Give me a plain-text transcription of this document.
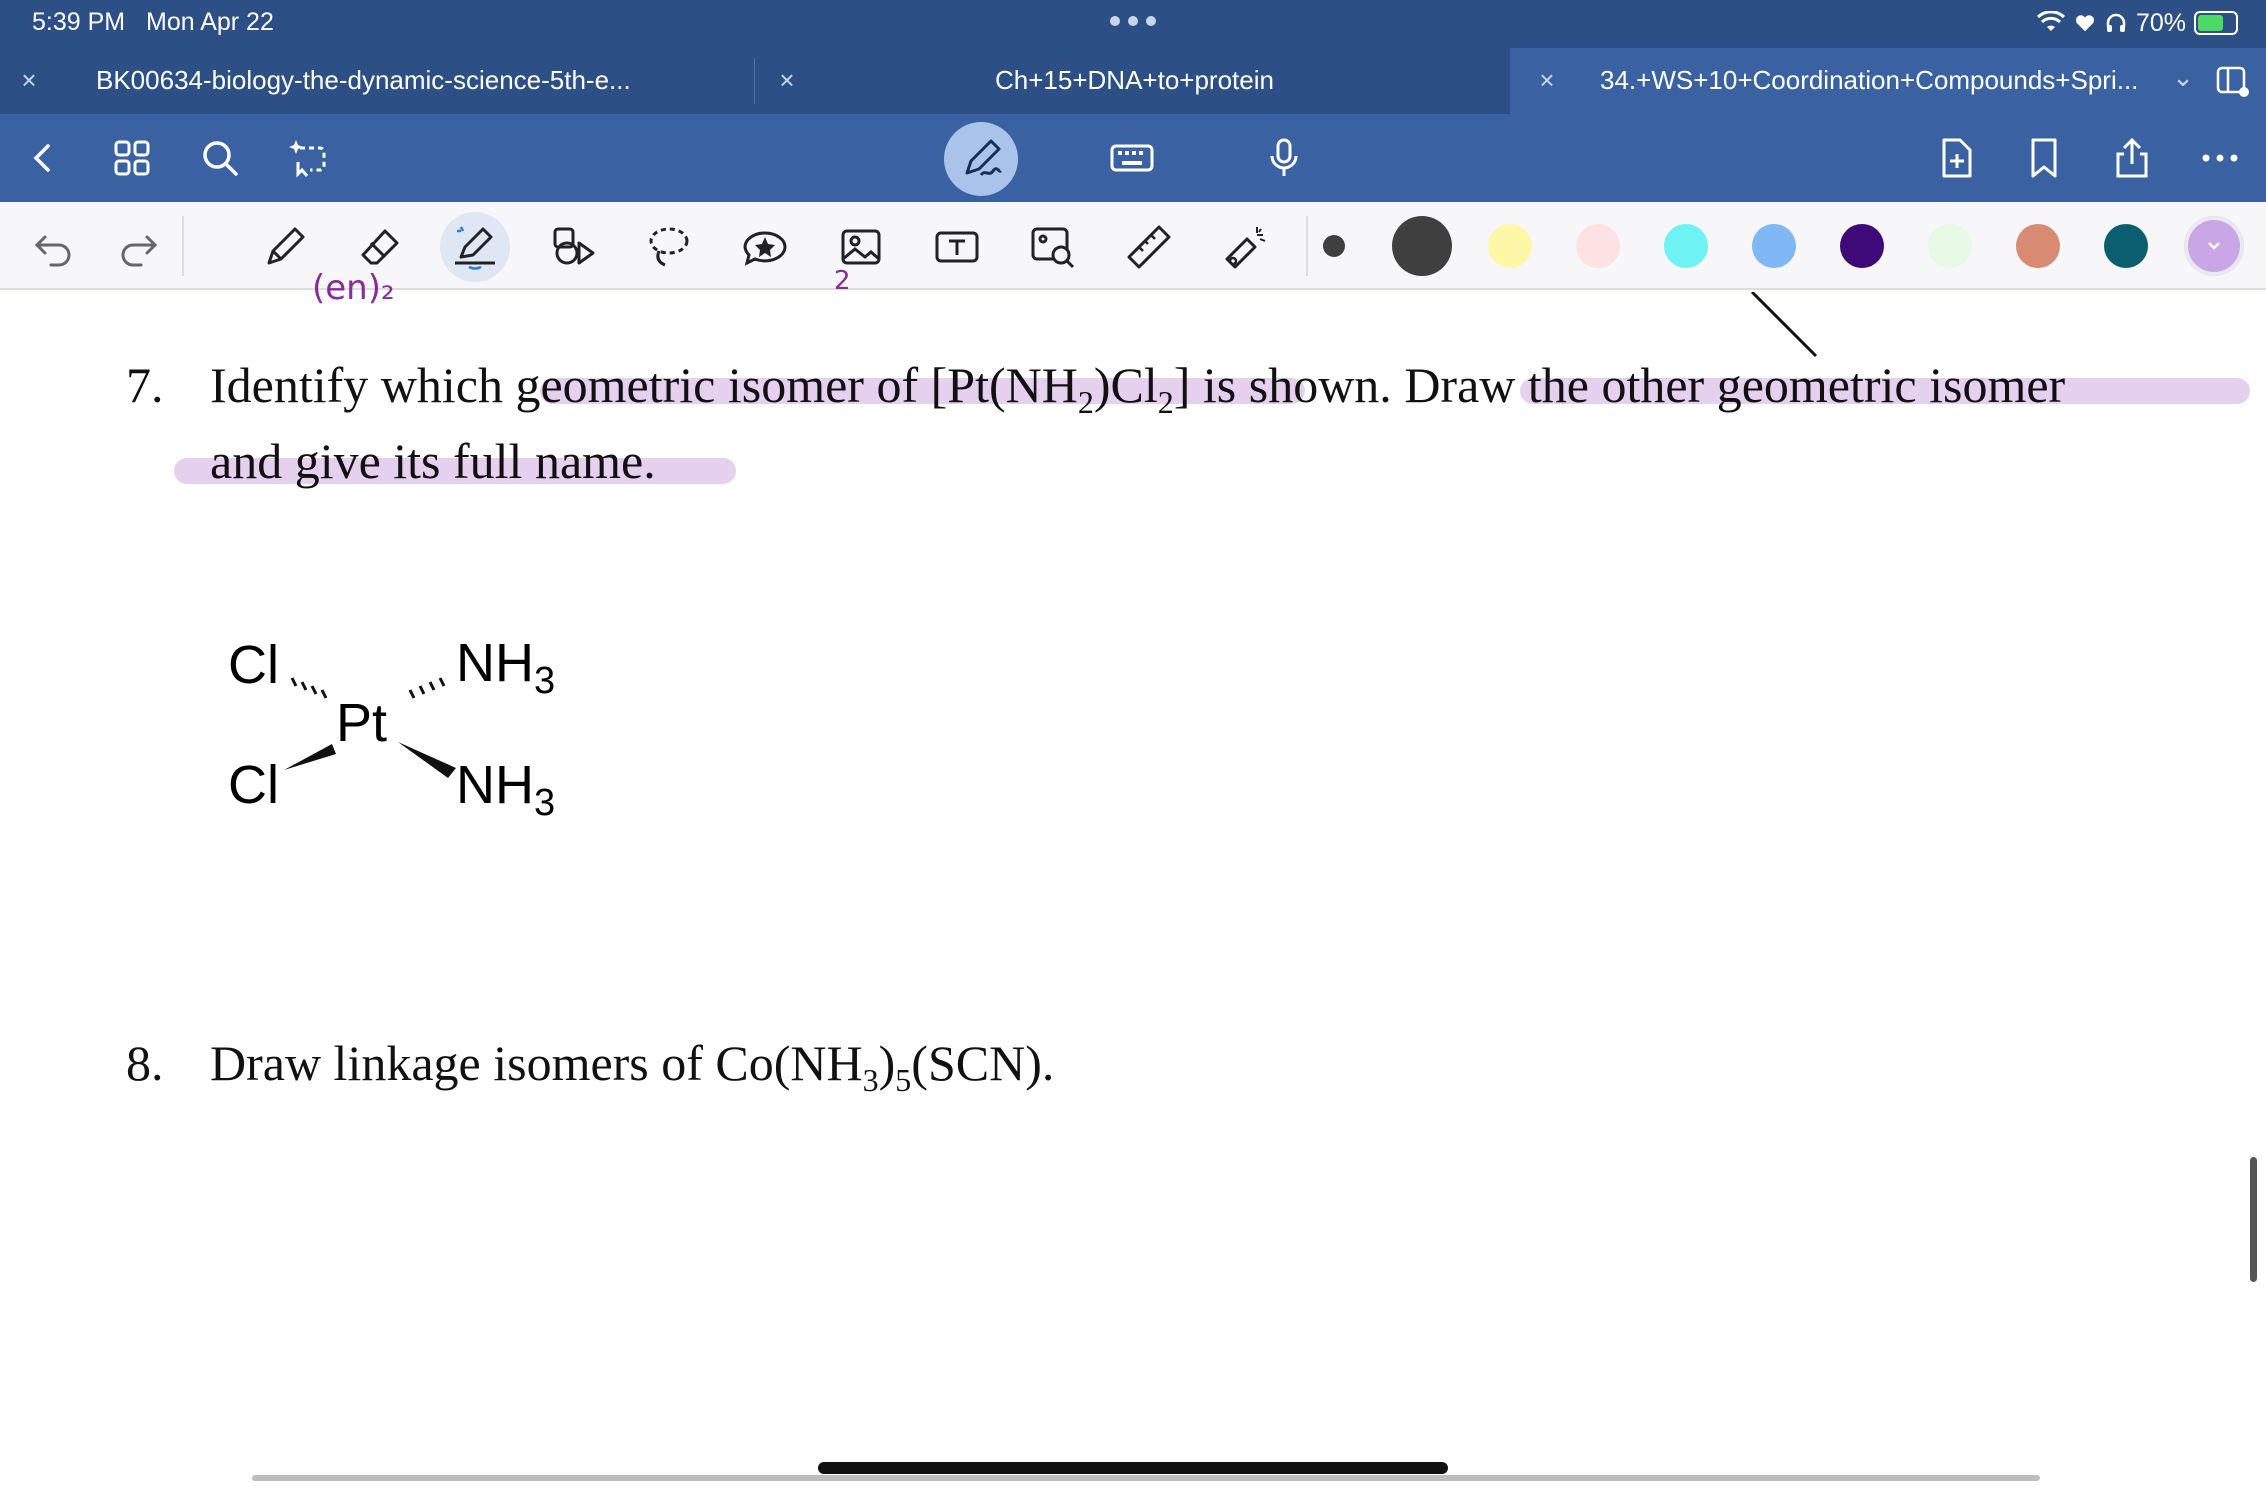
5:39 PM Mon Apr 22	70%
× BK00634-biology-the-dynamic-science-5th-e...	×	Ch+15+DNA+to+protein	× 34.+WS+10+Coordination+Compounds+Spri... ⌄
(en)₂	2
7. Identify which geometric isomer of $[Pt(NH_2)Cl_2]$ is shown. Draw the other geometric isomer
and give its full name.
Cl
Pt
$NH_3$
Cl	$NH_3$
8. Draw linkage isomers of $Co(NH_3)_5(SCN)$.
